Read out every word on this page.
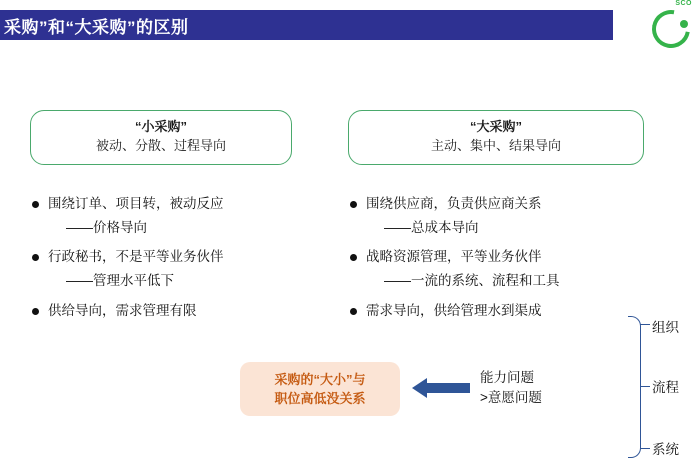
采购”和“大采购”的区别
SCO
“小采购”
被动、分散、过程导向
围绕订单、项目转，被动反应
——价格导向
行政秘书，不是平等业务伙伴
——管理水平低下
供给导向，需求管理有限
“大采购”
主动、集中、结果导向
围绕供应商，负责供应商关系
——总成本导向
战略资源管理，平等业务伙伴
——一流的系统、流程和工具
需求导向，供给管理水到渠成
采购的“大小”与
职位高低没关系
能力问题
>意愿问题
组织
流程
系统
